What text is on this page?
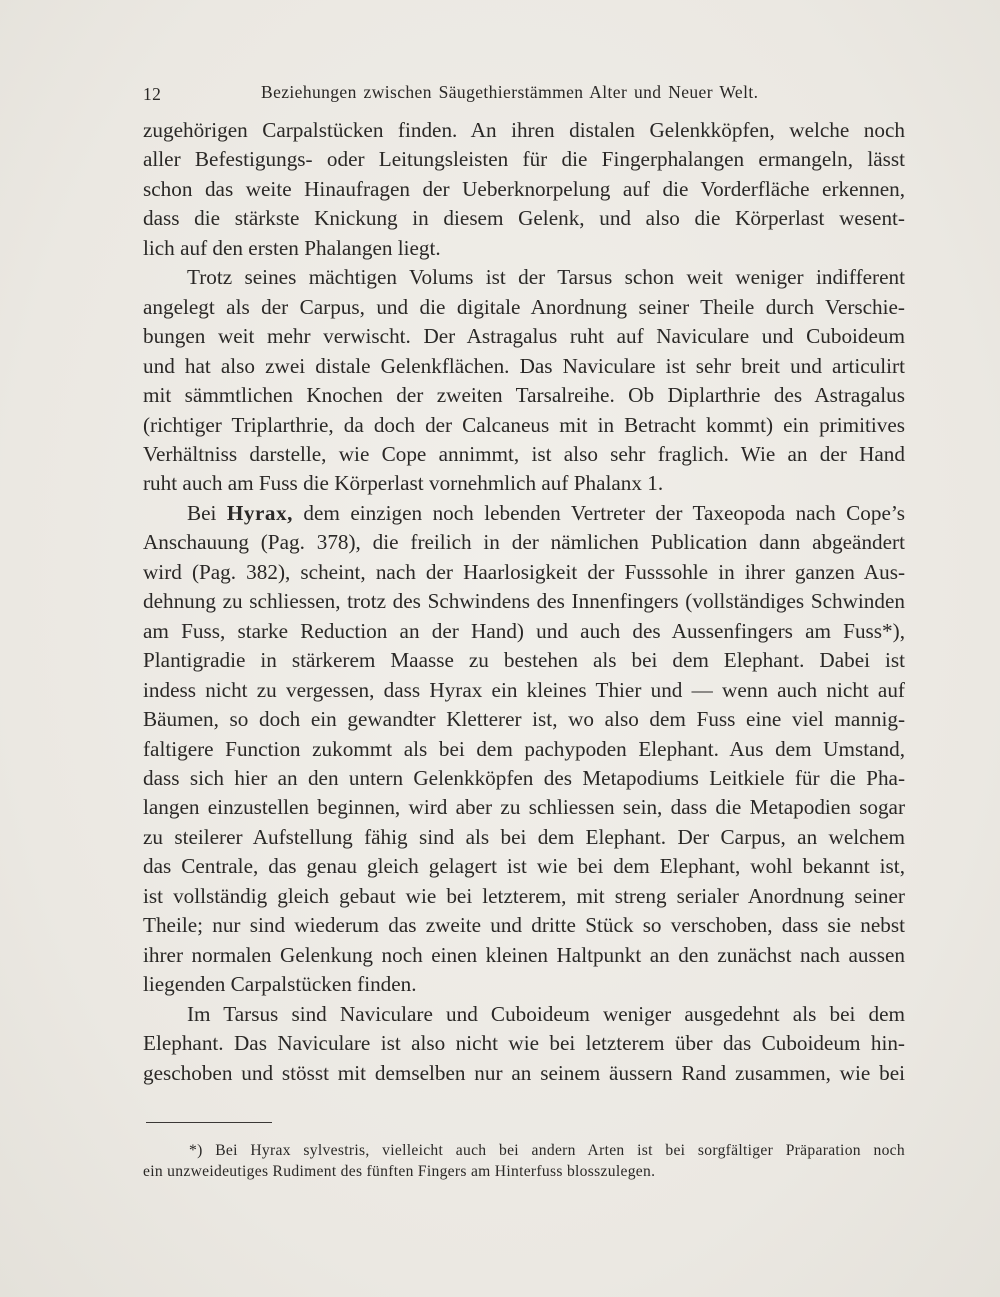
12	Beziehungen zwischen Säugethierstämmen Alter und Neuer Welt.

zugehörigen Carpalstücken finden. An ihren distalen Gelenkköpfen, welche noch
aller Befestigungs- oder Leitungsleisten für die Fingerphalangen ermangeln, lässt
schon das weite Hinaufragen der Ueberknorpelung auf die Vorderfläche erkennen,
dass die stärkste Knickung in diesem Gelenk, und also die Körperlast wesent-
lich auf den ersten Phalangen liegt.

Trotz seines mächtigen Volums ist der Tarsus schon weit weniger indifferent
angelegt als der Carpus, und die digitale Anordnung seiner Theile durch Verschie-
bungen weit mehr verwischt. Der Astragalus ruht auf Naviculare und Cuboideum
und hat also zwei distale Gelenkflächen. Das Naviculare ist sehr breit und articulirt
mit sämmtlichen Knochen der zweiten Tarsalreihe. Ob Diplarthrie des Astragalus
(richtiger Triplarthrie, da doch der Calcaneus mit in Betracht kommt) ein primitives
Verhältniss darstelle, wie Cope annimmt, ist also sehr fraglich. Wie an der Hand
ruht auch am Fuss die Körperlast vornehmlich auf Phalanx 1.

Bei Hyrax, dem einzigen noch lebenden Vertreter der Taxeopoda nach Cope’s
Anschauung (Pag. 378), die freilich in der nämlichen Publication dann abgeändert
wird (Pag. 382), scheint, nach der Haarlosigkeit der Fusssohle in ihrer ganzen Aus-
dehnung zu schliessen, trotz des Schwindens des Innenfingers (vollständiges Schwinden
am Fuss, starke Reduction an der Hand) und auch des Aussenfingers am Fuss*),
Plantigradie in stärkerem Maasse zu bestehen als bei dem Elephant. Dabei ist
indess nicht zu vergessen, dass Hyrax ein kleines Thier und — wenn auch nicht auf
Bäumen, so doch ein gewandter Kletterer ist, wo also dem Fuss eine viel mannig-
faltigere Function zukommt als bei dem pachypoden Elephant. Aus dem Umstand,
dass sich hier an den untern Gelenkköpfen des Metapodiums Leitkiele für die Pha-
langen einzustellen beginnen, wird aber zu schliessen sein, dass die Metapodien sogar
zu steilerer Aufstellung fähig sind als bei dem Elephant. Der Carpus, an welchem
das Centrale, das genau gleich gelagert ist wie bei dem Elephant, wohl bekannt ist,
ist vollständig gleich gebaut wie bei letzterem, mit streng serialer Anordnung seiner
Theile; nur sind wiederum das zweite und dritte Stück so verschoben, dass sie nebst
ihrer normalen Gelenkung noch einen kleinen Haltpunkt an den zunächst nach aussen
liegenden Carpalstücken finden.

Im Tarsus sind Naviculare und Cuboideum weniger ausgedehnt als bei dem
Elephant. Das Naviculare ist also nicht wie bei letzterem über das Cuboideum hin-
geschoben und stösst mit demselben nur an seinem äussern Rand zusammen, wie bei

*) Bei Hyrax sylvestris, vielleicht auch bei andern Arten ist bei sorgfältiger Präparation noch
ein unzweideutiges Rudiment des fünften Fingers am Hinterfuss blosszulegen.
